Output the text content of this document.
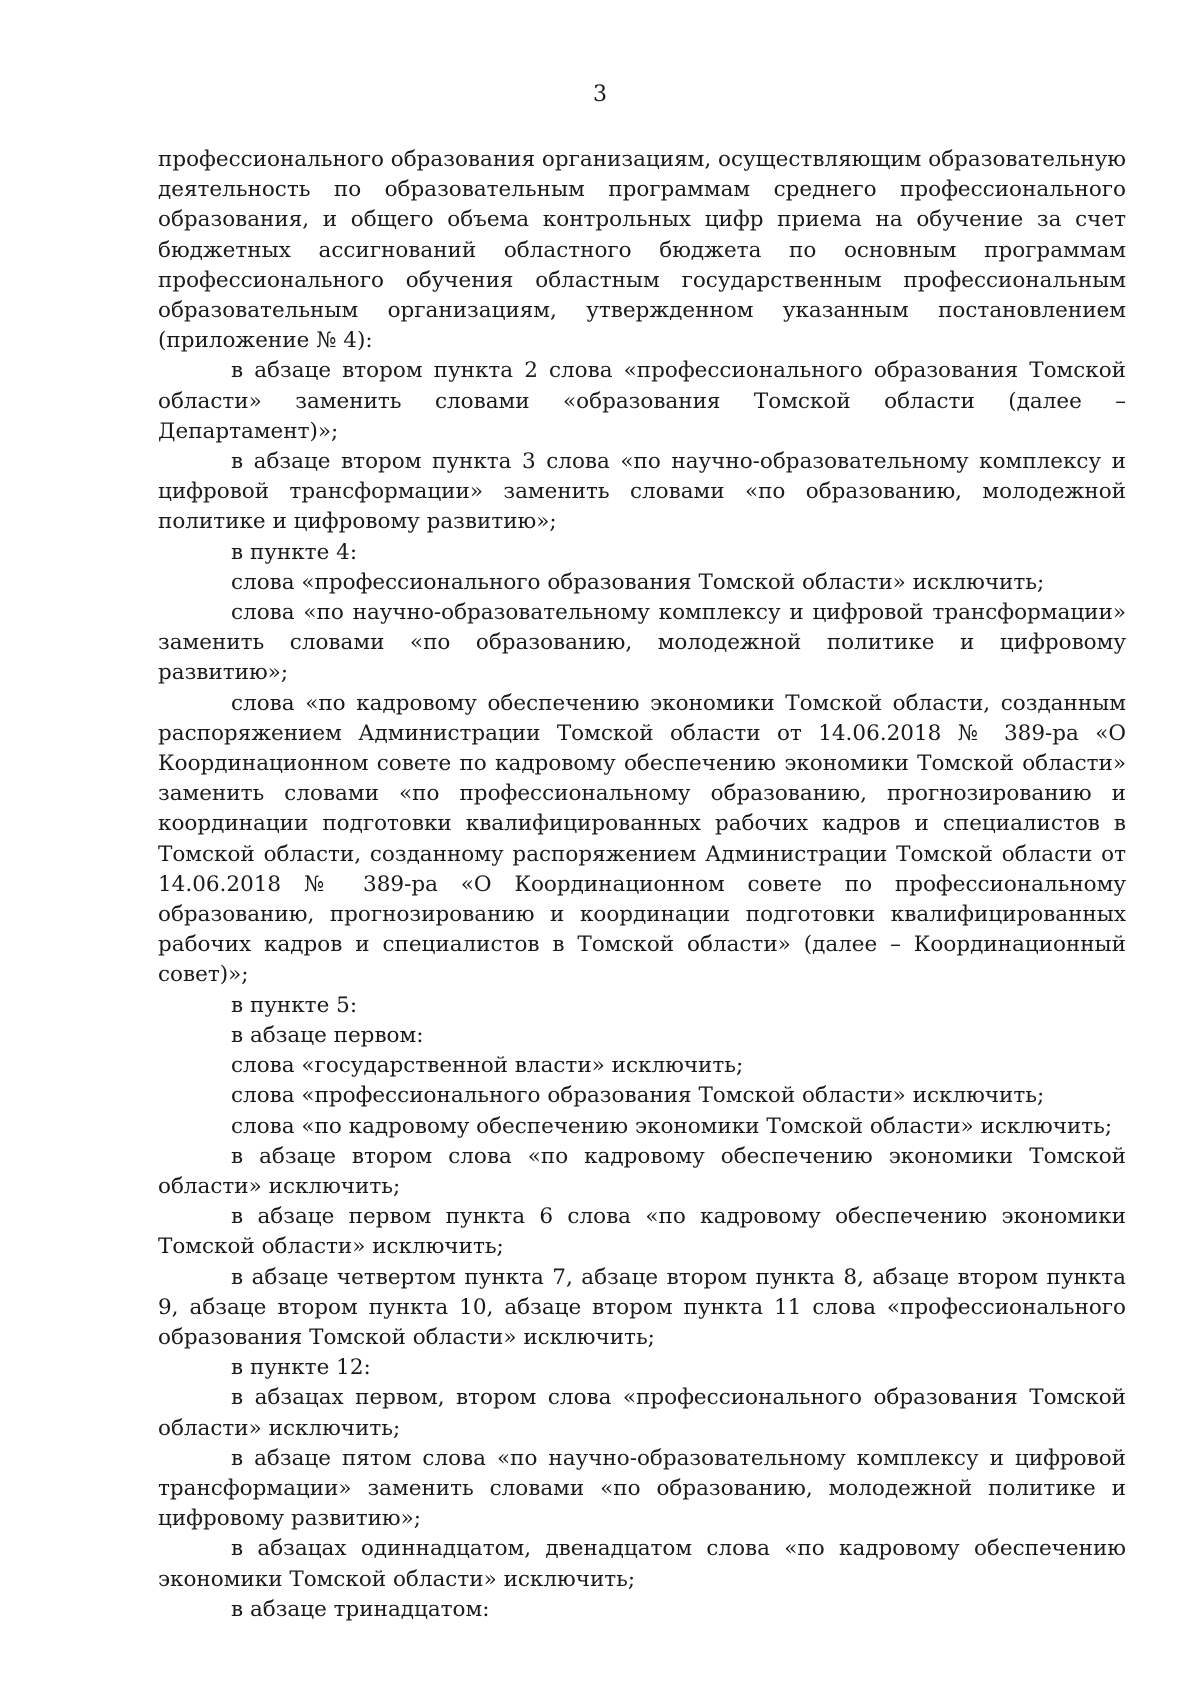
3

профессионального образования организациям, осуществляющим образовательную деятельность по образовательным программам среднего профессионального образования, и общего объема контрольных цифр приема на обучение за счет бюджетных ассигнований областного бюджета по основным программам профессионального обучения областным государственным профессиональным образовательным организациям, утвержденном указанным постановлением (приложение № 4):

в абзаце втором пункта 2 слова «профессионального образования Томской области» заменить словами «образования Томской области (далее – Департамент)»;

в абзаце втором пункта 3 слова «по научно-образовательному комплексу и цифровой трансформации» заменить словами «по образованию, молодежной политике и цифровому развитию»;

в пункте 4:

слова «профессионального образования Томской области» исключить;

слова «по научно-образовательному комплексу и цифровой трансформации» заменить словами «по образованию, молодежной политике и цифровому развитию»;

слова «по кадровому обеспечению экономики Томской области, созданным распоряжением Администрации Томской области от 14.06.2018 № 389-ра «О Координационном совете по кадровому обеспечению экономики Томской области» заменить словами «по профессиональному образованию, прогнозированию и координации подготовки квалифицированных рабочих кадров и специалистов в Томской области, созданному распоряжением Администрации Томской области от 14.06.2018 № 389-ра «О Координационном совете по профессиональному образованию, прогнозированию и координации подготовки квалифицированных рабочих кадров и специалистов в Томской области» (далее – Координационный совет)»;

в пункте 5:

в абзаце первом:

слова «государственной власти» исключить;

слова «профессионального образования Томской области» исключить;

слова «по кадровому обеспечению экономики Томской области» исключить;

в абзаце втором слова «по кадровому обеспечению экономики Томской области» исключить;

в абзаце первом пункта 6 слова «по кадровому обеспечению экономики Томской области» исключить;

в абзаце четвертом пункта 7, абзаце втором пункта 8, абзаце втором пункта 9, абзаце втором пункта 10, абзаце втором пункта 11 слова «профессионального образования Томской области» исключить;

в пункте 12:

в абзацах первом, втором слова «профессионального образования Томской области» исключить;

в абзаце пятом слова «по научно-образовательному комплексу и цифровой трансформации» заменить словами «по образованию, молодежной политике и цифровому развитию»;

в абзацах одиннадцатом, двенадцатом слова «по кадровому обеспечению экономики Томской области» исключить;

в абзаце тринадцатом:
